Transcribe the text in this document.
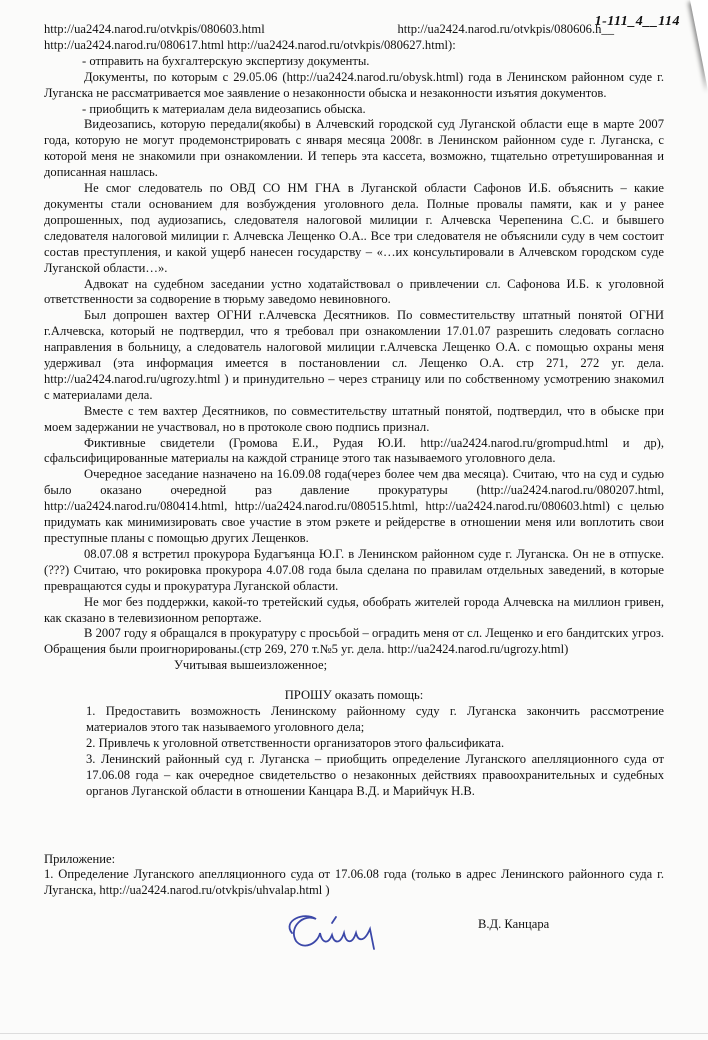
1-111_4__114
http://ua2424.narod.ru/otvkpis/080603.html	http://ua2424.narod.ru/otvkpis/080606.h__

http://ua2424.narod.ru/080617.html http://ua2424.narod.ru/otvkpis/080627.html):

- отправить на бухгалтерскую экспертизу документы.

Документы, по которым с 29.05.06 (http://ua2424.narod.ru/obysk.html) года в Ленинском районном суде г. Луганска не рассматривается мое заявление о незаконности обыска и незаконности изъятия документов.

- приобщить к материалам дела видеозапись обыска.

Видеозапись, которую передали(якобы) в Алчевский городской суд Луганской области еще в марте 2007 года, которую не могут продемонстрировать с января месяца 2008г. в Ленинском районном суде г. Луганска, с которой меня не знакомили при ознакомлении. И теперь эта кассета, возможно, тщательно отретушированная и дописанная нашлась.

Не смог следователь по ОВД СО НМ ГНА в Луганской области Сафонов И.Б. объяснить – какие документы стали основанием для возбуждения уголовного дела. Полные провалы памяти, как и у ранее допрошенных, под аудиозапись, следователя налоговой милиции г. Алчевска Черепенина С.С. и бывшего следователя налоговой милиции г. Алчевска Лещенко О.А.. Все три следователя не объяснили суду в чем состоит состав преступления, и какой ущерб нанесен государству – «…их консультировали в Алчевском городском суде Луганской области…».

Адвокат на судебном заседании устно ходатайствовал о привлечении сл. Сафонова И.Б. к уголовной ответственности за содворение в тюрьму заведомо невиновного.

Был допрошен вахтер ОГНИ г.Алчевска Десятников. По совместительству штатный понятой ОГНИ г.Алчевска, который не подтвердил, что я требовал при ознакомлении 17.01.07 разрешить следовать согласно направления в больницу, а следователь налоговой милиции г.Алчевска Лещенко О.А. с помощью охраны меня удерживал (эта информация имеется в постановлении сл. Лещенко О.А. стр 271, 272 уг. дела. http://ua2424.narod.ru/ugrozy.html ) и принудительно – через страницу или по собственному усмотрению знакомил с материалами дела.

Вместе с тем вахтер Десятников, по совместительству штатный понятой, подтвердил, что в обыске при моем задержании не участвовал, но в протоколе свою подпись признал.

Фиктивные свидетели (Громова Е.И., Рудая Ю.И. http://ua2424.narod.ru/grompud.html и др), сфальсифицированные материалы на каждой странице этого так называемого уголовного дела.

Очередное заседание назначено на 16.09.08 года(через более чем два месяца). Считаю, что на суд и судью было оказано очередной раз давление прокуратуры (http://ua2424.narod.ru/080207.html, http://ua2424.narod.ru/080414.html, http://ua2424.narod.ru/080515.html, http://ua2424.narod.ru/080603.html) с целью придумать как минимизировать свое участие в этом рэкете и рейдерстве в отношении меня или воплотить свои преступные планы с помощью других Лещенков.

08.07.08 я встретил прокурора Будагъянца Ю.Г. в Ленинском районном суде г. Луганска. Он не в отпуске.(???) Считаю, что рокировка прокурора 4.07.08 года была сделана по правилам отдельных заведений, в которые превращаются суды и прокуратура Луганской области.

Не мог без поддержки, какой-то третейский судья, обобрать жителей города Алчевска на миллион гривен, как сказано в телевизионном репортаже.

В 2007 году я обращался в прокуратуру с просьбой – оградить меня от сл. Лещенко и его бандитских угроз. Обращения были проигнорированы.(стр 269, 270 т.№5 уг. дела. http://ua2424.narod.ru/ugrozy.html)

Учитывая вышеизложенное;

ПРОШУ оказать помощь:

1. Предоставить возможность Ленинскому районному суду г. Луганска закончить рассмотрение материалов этого так называемого уголовного дела;

2. Привлечь к уголовной ответственности организаторов этого фальсификата.

3. Ленинский районный суд г. Луганска – приобщить определение Луганского апелляционного суда от 17.06.08 года – как очередное свидетельство о незаконных действиях правоохранительных и судебных органов Луганской области в отношении Канцара В.Д. и Марийчук Н.В.

Приложение:

1. Определение Луганского апелляционного суда от 17.06.08 года (только в адрес Ленинского районного суда г. Луганска, http://ua2424.narod.ru/otvkpis/uhvalap.html )

В.Д. Канцара
